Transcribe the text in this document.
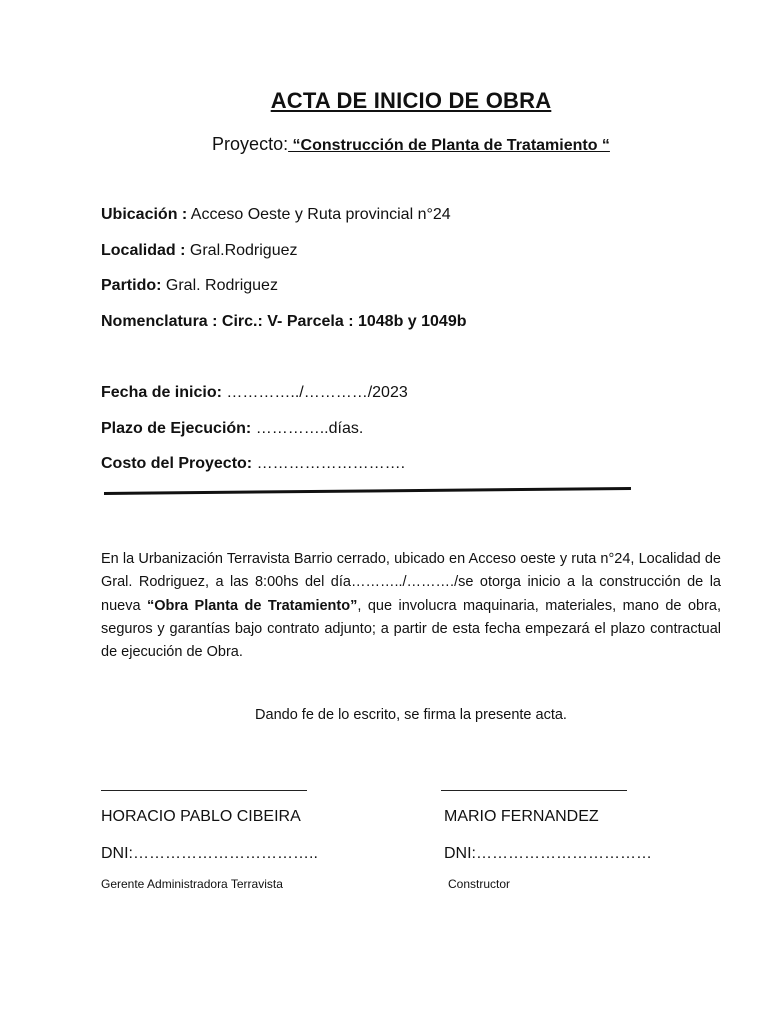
ACTA DE INICIO DE OBRA
Proyecto: “Construcción de Planta de Tratamiento “
Ubicación : Acceso Oeste y Ruta provincial n°24
Localidad : Gral.Rodriguez
Partido: Gral. Rodriguez
Nomenclatura : Circ.: V- Parcela : 1048b y 1049b
Fecha de inicio: …………../…………/2023
Plazo de Ejecución: …………..días.
Costo del Proyecto: ……………………….
En la Urbanización Terravista Barrio cerrado, ubicado en Acceso oeste y ruta n°24, Localidad de Gral. Rodriguez, a las 8:00hs del día………../………./se otorga inicio a la construcción de la nueva “Obra Planta de Tratamiento”, que involucra maquinaria, materiales, mano de obra, seguros y garantías bajo contrato adjunto; a partir de esta fecha empezará el plazo contractual de ejecución de Obra.
Dando fe de lo escrito, se firma la presente acta.
HORACIO PABLO CIBEIRA	MARIO FERNANDEZ
DNI:……………………………..	DNI:……………………………
Gerente Administradora Terravista	Constructor
